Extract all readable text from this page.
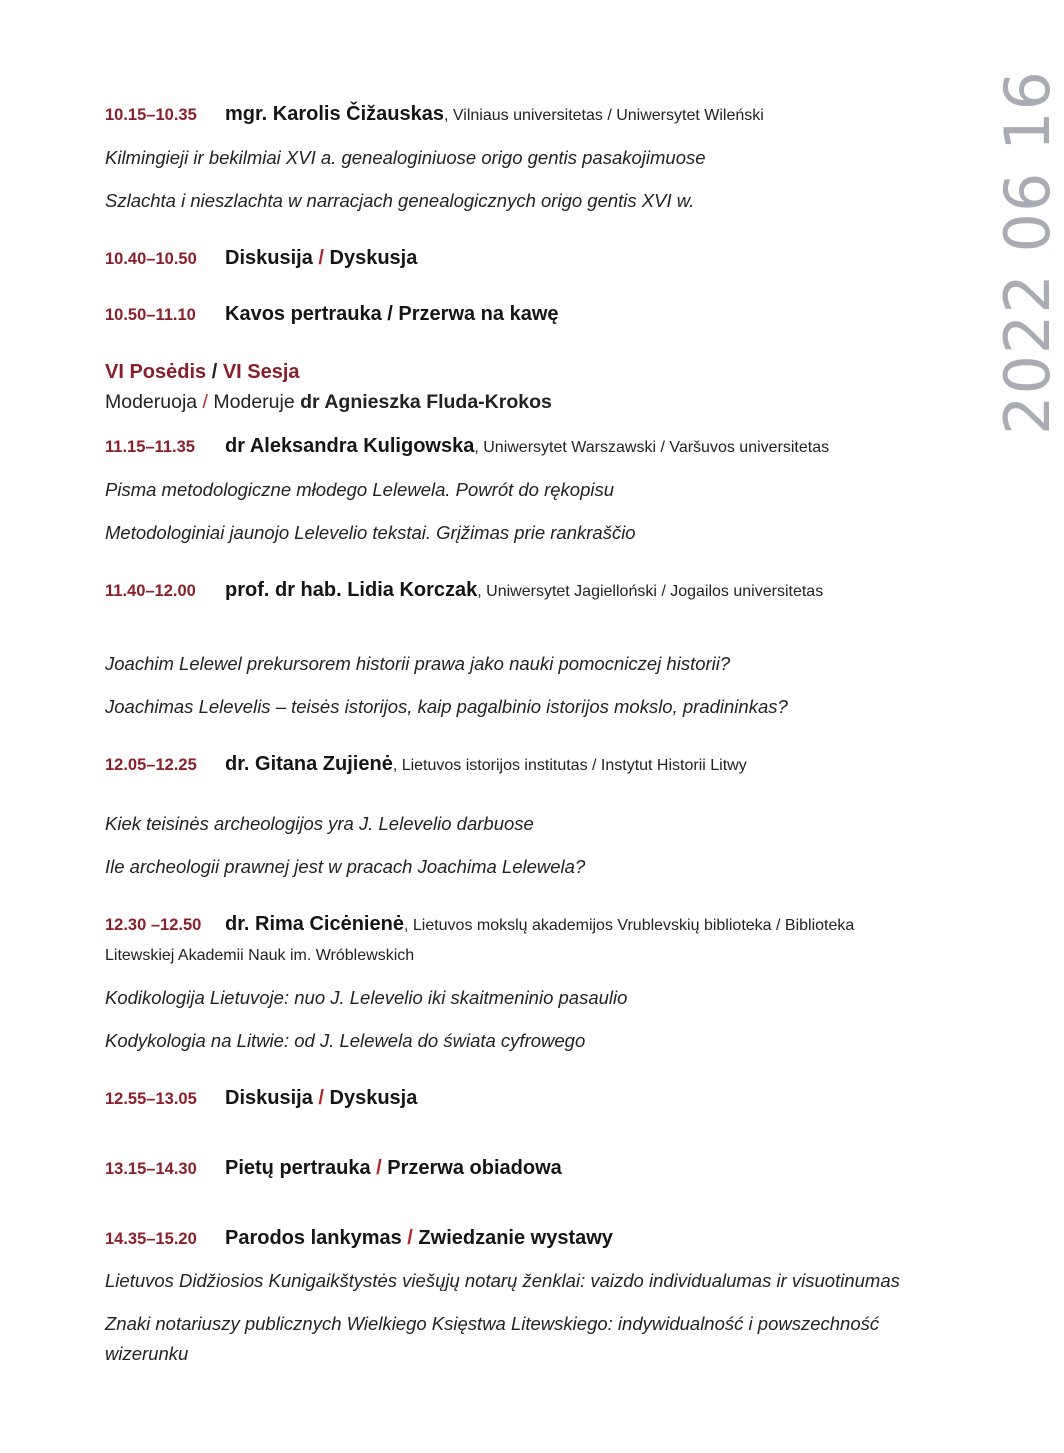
2022 06 16
10.15–10.35 mgr. Karolis Čižauskas, Vilniaus universitetas / Uniwersytet Wileński
Kilmingieji ir bekilmiai XVI a. genealoginiuose origo gentis pasakojimuose
Szlachta i nieszlachta w narracjach genealogicznych origo gentis XVI w.
10.40–10.50 Diskusija / Dyskusja
10.50–11.10 Kavos pertrauka / Przerwa na kawę
VI Posėdis / VI Sesja
Moderuoja / Moderuje dr Agnieszka Fluda-Krokos
11.15–11.35 dr Aleksandra Kuligowska, Uniwersytet Warszawski / Varšuvos universitetas
Pisma metodologiczne młodego Lelewela. Powrót do rękopisu
Metodologiniai jaunojo Lelevelio tekstai. Grįžimas prie rankraščio
11.40–12.00 prof. dr hab. Lidia Korczak, Uniwersytet Jagielloński / Jogailos universitetas
Joachim Lelewel prekursorem historii prawa jako nauki pomocniczej historii?
Joachimas Lelevelis – teisės istorijos, kaip pagalbinio istorijos mokslo, pradininkas?
12.05–12.25 dr. Gitana Zujienė, Lietuvos istorijos institutas / Instytut Historii Litwy
Kiek teisinės archeologijos yra J. Lelevelio darbuose
Ile archeologii prawnej jest w pracach Joachima Lelewela?
12.30 –12.50 dr. Rima Cicėnienė, Lietuvos mokslų akademijos Vrublevskių biblioteka / Biblioteka
Litewskiej Akademii Nauk im. Wróblewskich
Kodikologija Lietuvoje: nuo J. Lelevelio iki skaitmeninio pasaulio
Kodykologia na Litwie: od J. Lelewela do świata cyfrowego
12.55–13.05 Diskusija / Dyskusja
13.15–14.30 Pietų pertrauka / Przerwa obiadowa
14.35–15.20 Parodos lankymas / Zwiedzanie wystawy
Lietuvos Didžiosios Kunigaikštystės viešųjų notarų ženklai: vaizdo individualumas ir visuotinumas
Znaki notariuszy publicznych Wielkiego Księstwa Litewskiego: indywidualność i powszechność wizerunku
